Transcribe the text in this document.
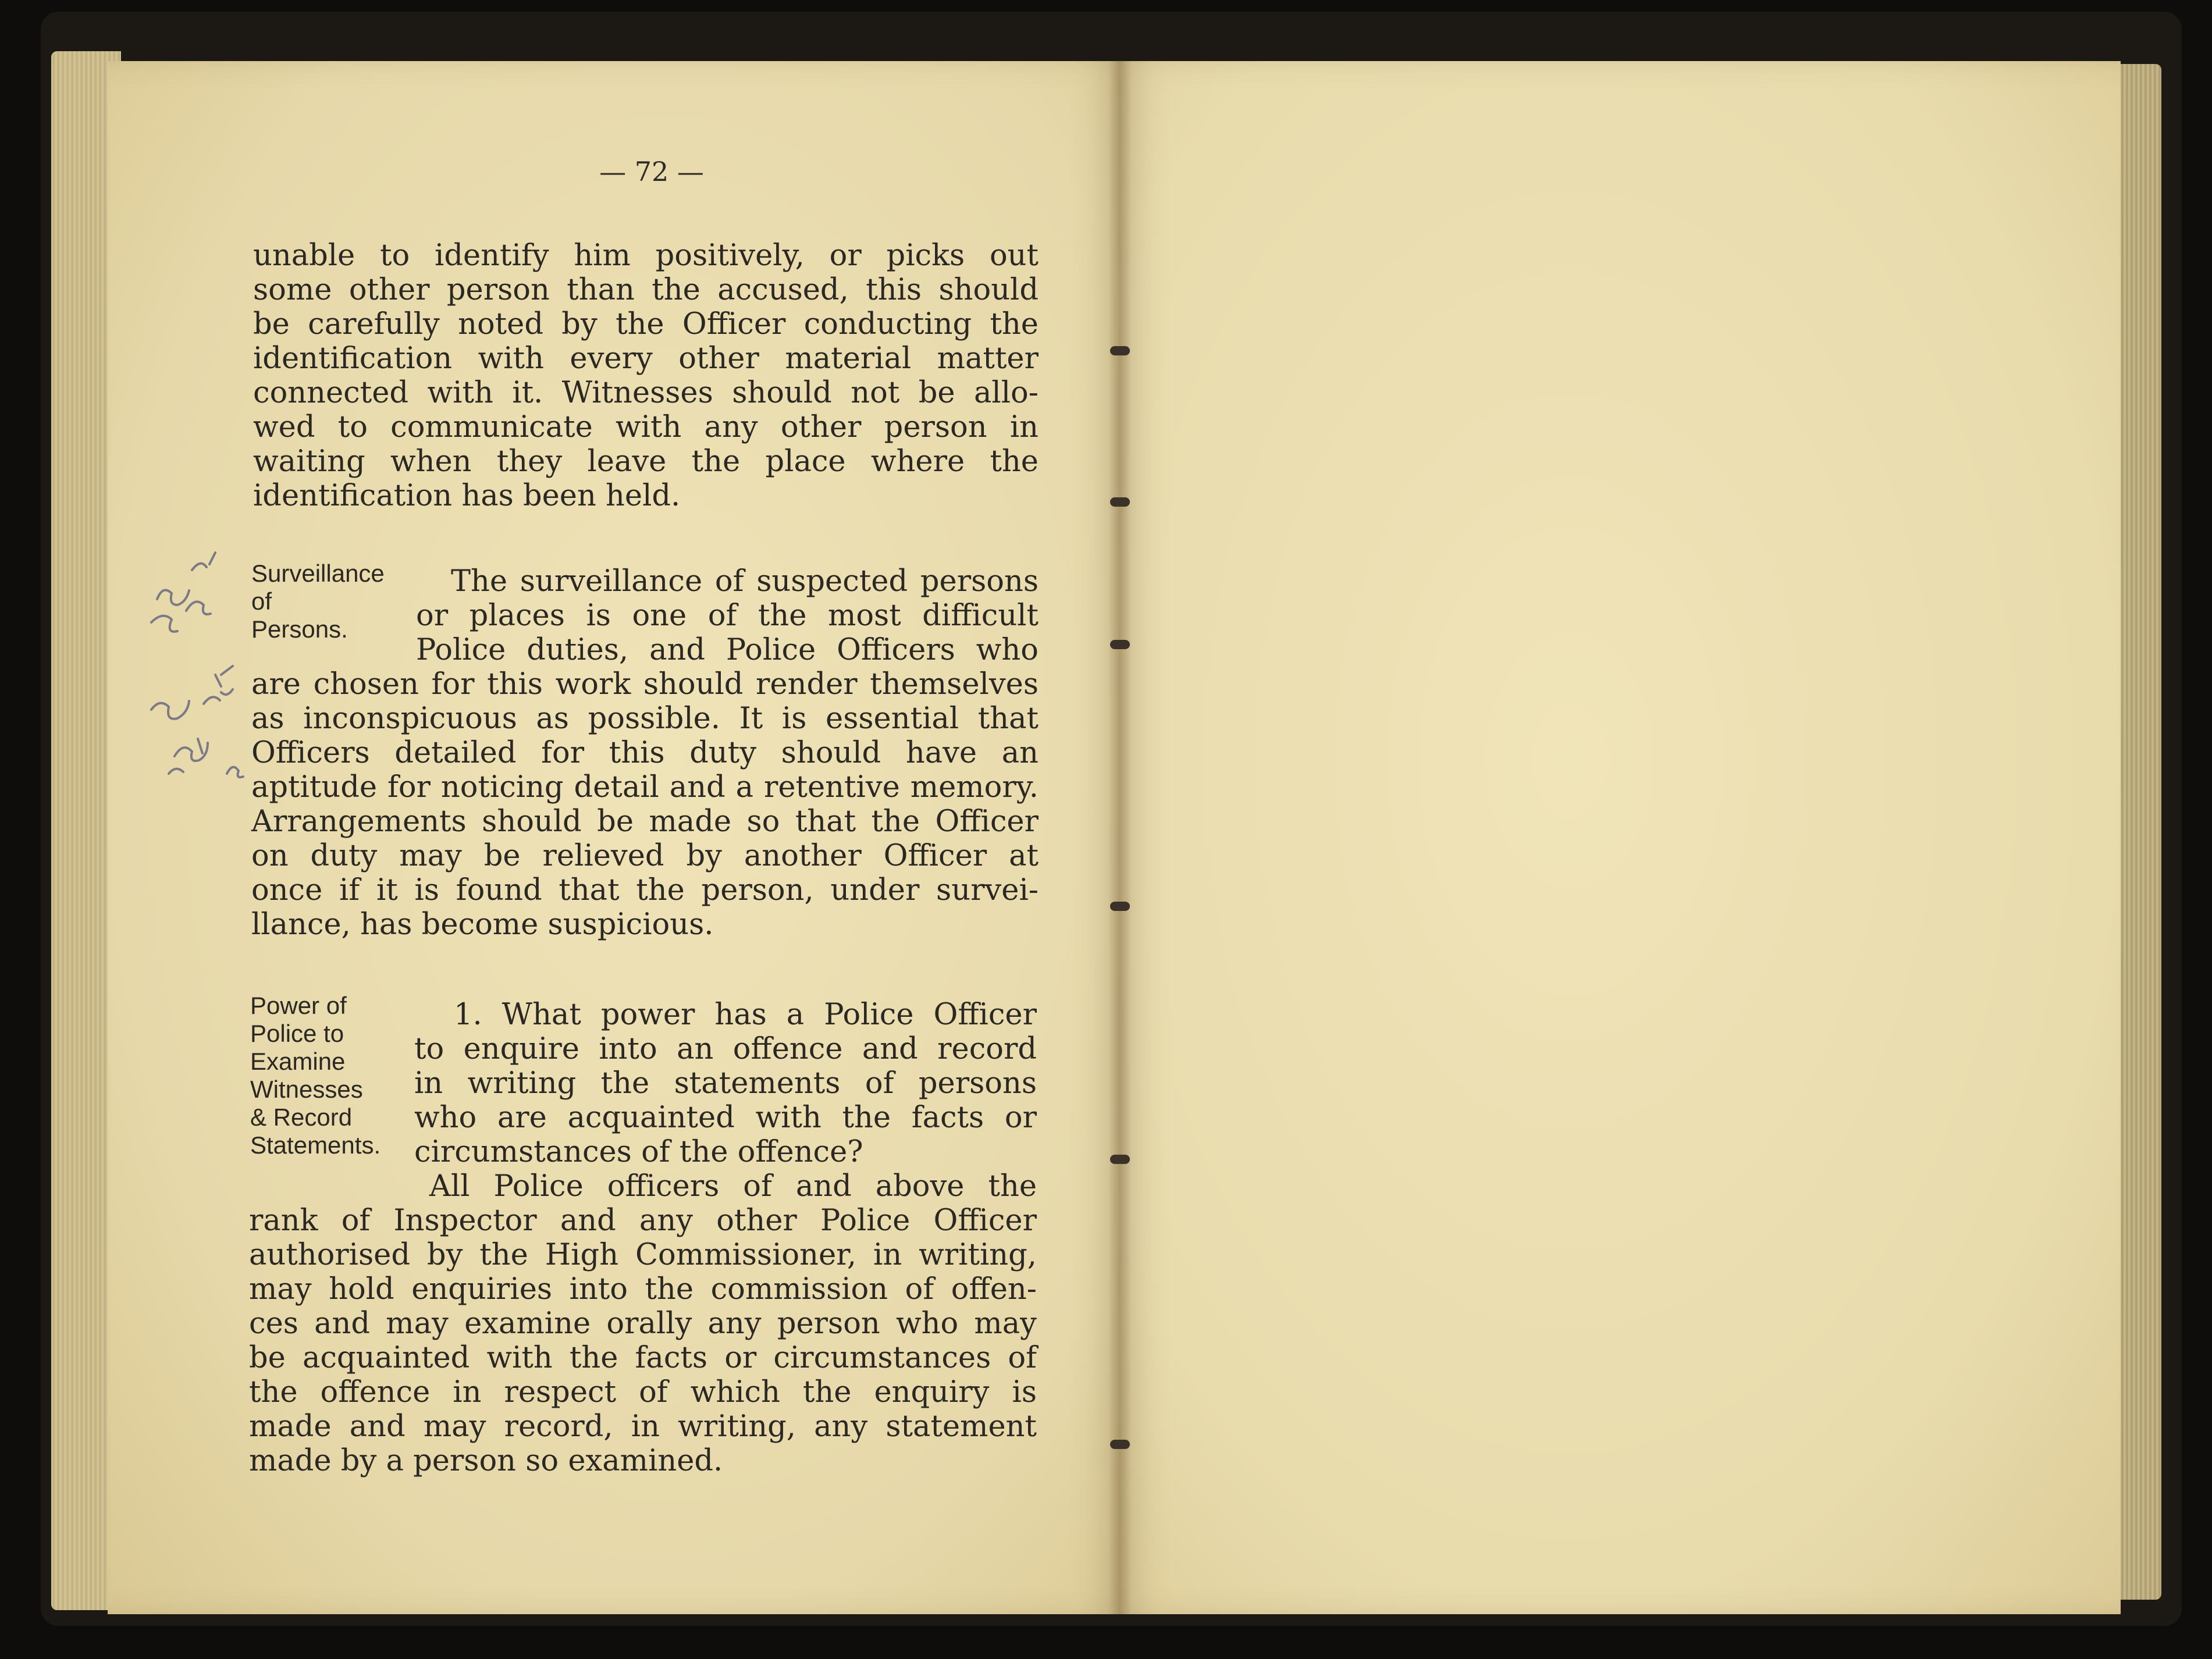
— 72 —
unable to identify him positively, or picks out
some other person than the accused, this should
be carefully noted by the Officer conducting the
identification with every other material matter
connected with it. Witnesses should not be allo-
wed to communicate with any other person in
waiting when they leave the place where the
identification has been held.
Surveillance
of
Persons.
The surveillance of suspected persons
or places is one of the most difficult
Police duties, and Police Officers who
are chosen for this work should render themselves
as inconspicuous as possible. It is essential that
Officers detailed for this duty should have an
aptitude for noticing detail and a retentive memory.
Arrangements should be made so that the Officer
on duty may be relieved by another Officer at
once if it is found that the person, under survei-
llance, has become suspicious.
Power of
Police to
Examine
Witnesses
& Record
Statements.
1. What power has a Police Officer
to enquire into an offence and record
in writing the statements of persons
who are acquainted with the facts or
circumstances of the offence?
All Police officers of and above the
rank of Inspector and any other Police Officer
authorised by the High Commissioner, in writing,
may hold enquiries into the commission of offen-
ces and may examine orally any person who may
be acquainted with the facts or circumstances of
the offence in respect of which the enquiry is
made and may record, in writing, any statement
made by a person so examined.
